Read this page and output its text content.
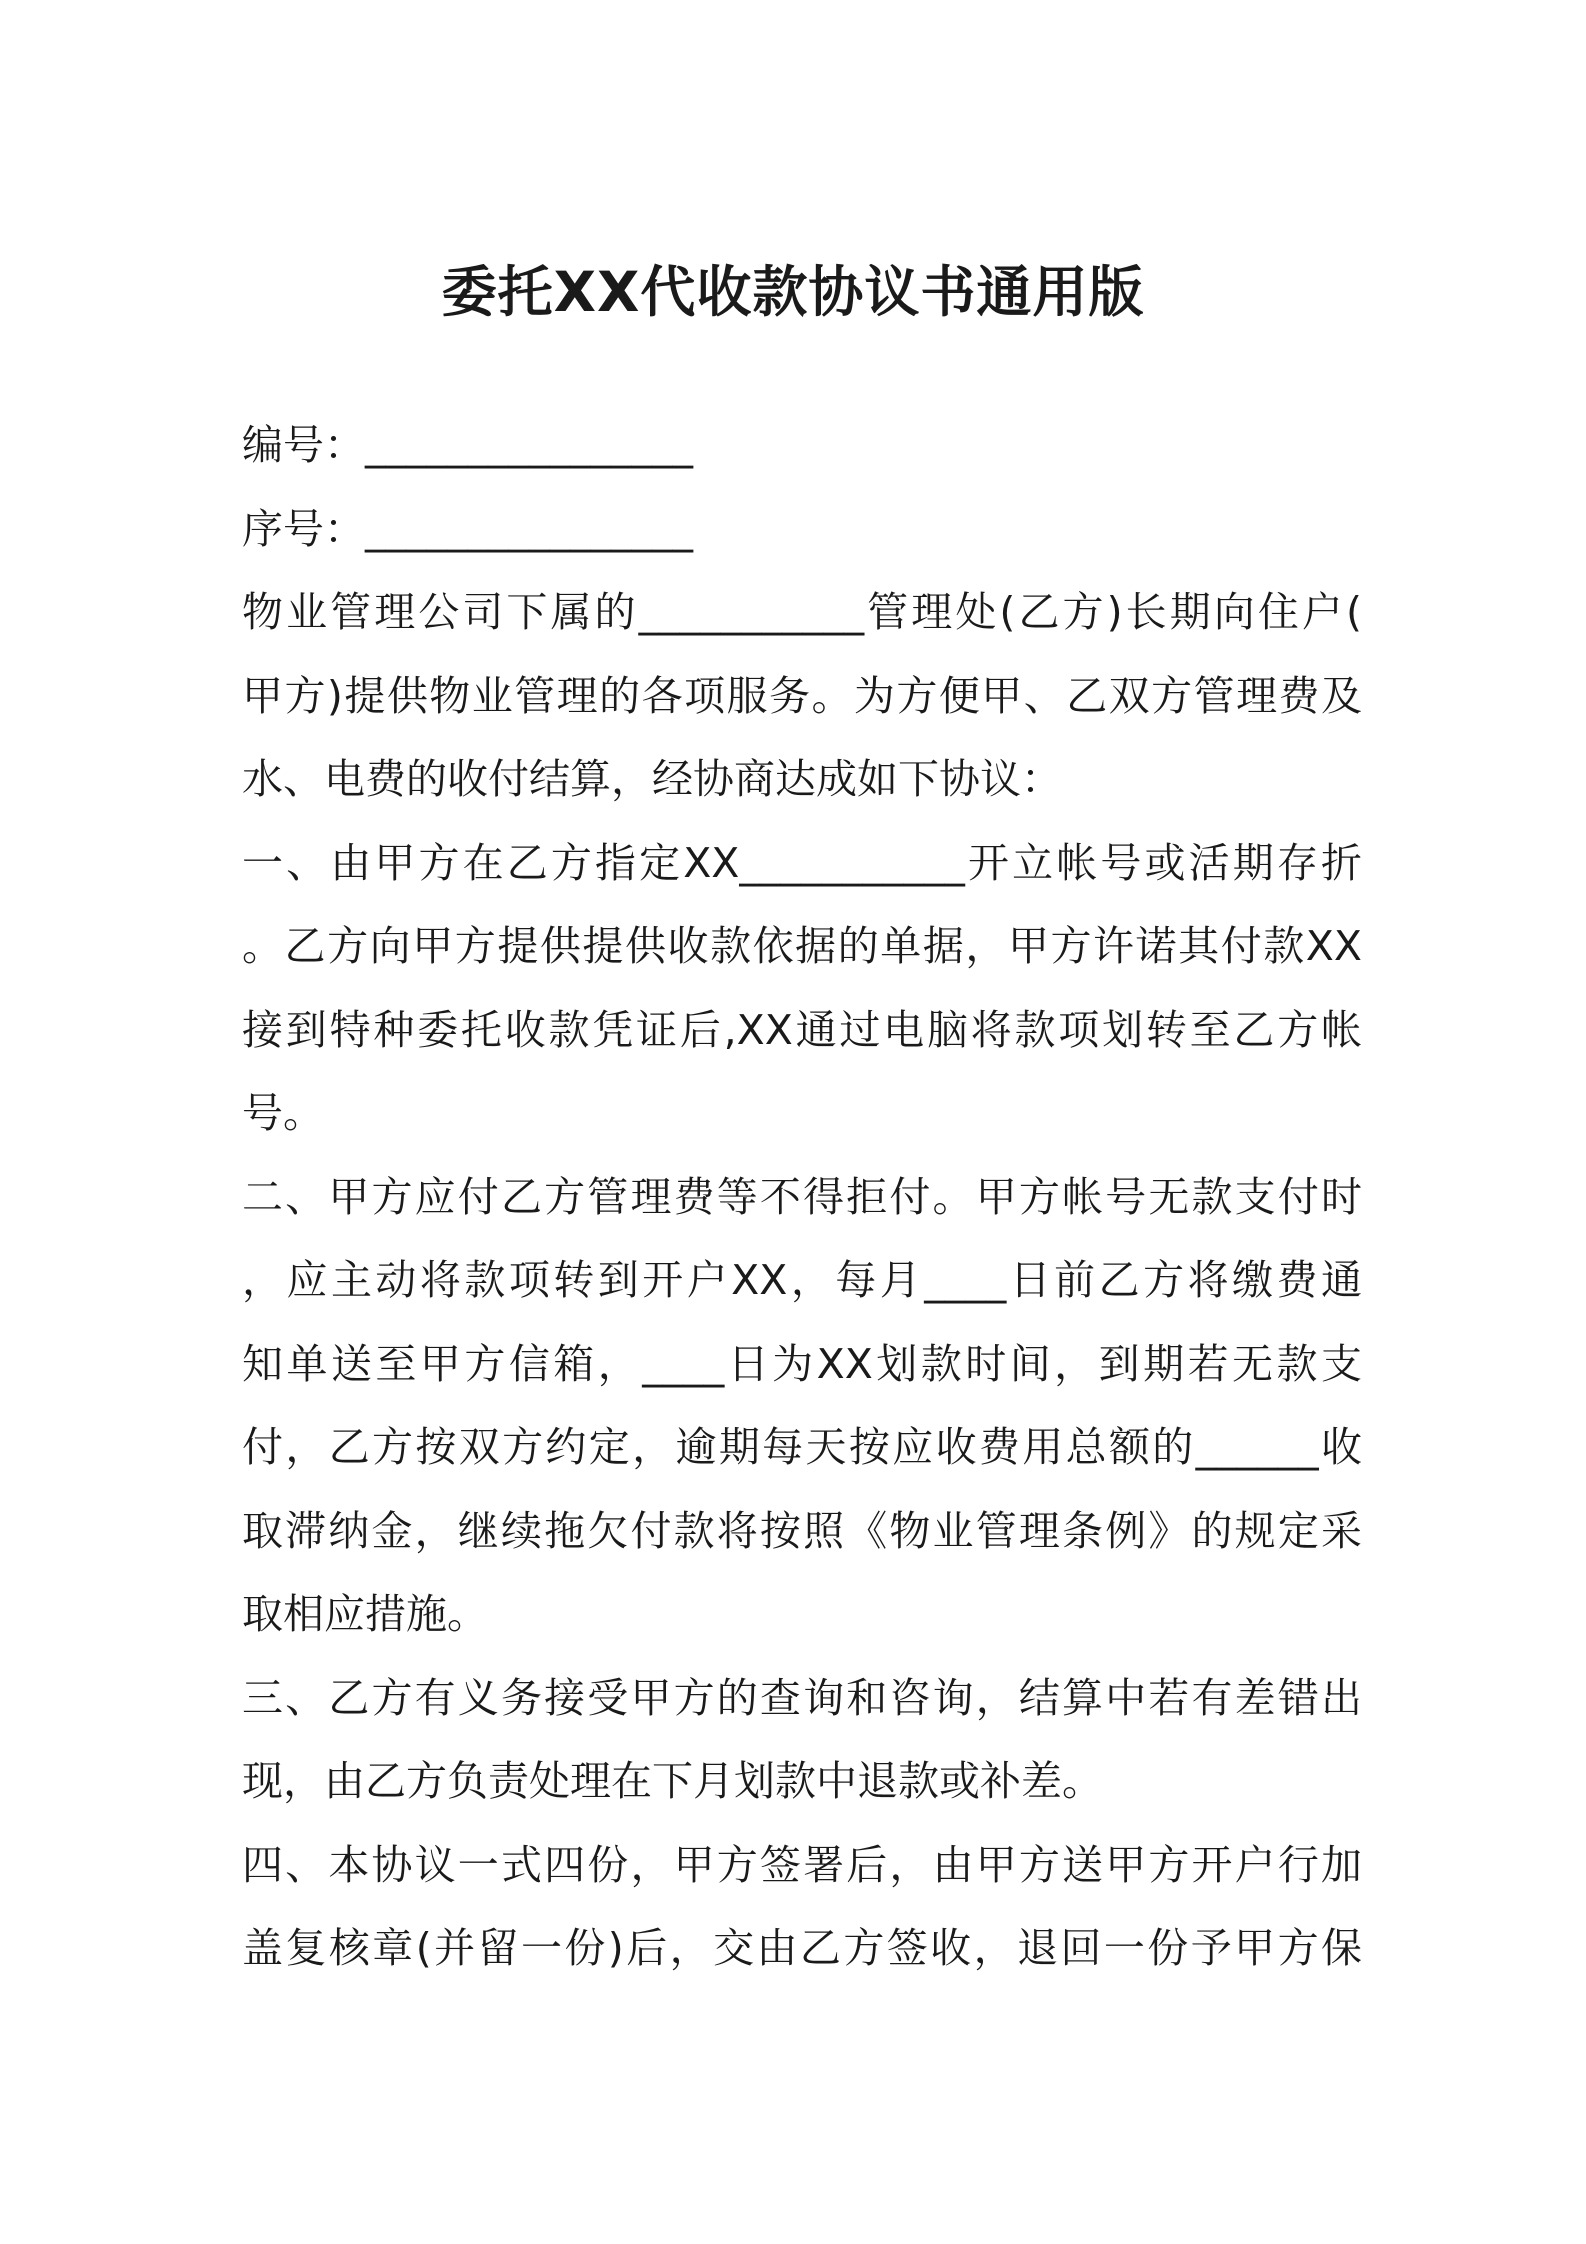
委托XX代收款协议书通用版
编号：________________
序号：________________
物业管理公司下属的___________管理处(乙方)长期向住户(
甲方)提供物业管理的各项服务。为方便甲、乙双方管理费及
水、电费的收付结算，经协商达成如下协议：
一、由甲方在乙方指定XX___________开立帐号或活期存折
。乙方向甲方提供提供收款依据的单据，甲方许诺其付款XX
接到特种委托收款凭证后,XX通过电脑将款项划转至乙方帐
号。
二、甲方应付乙方管理费等不得拒付。甲方帐号无款支付时
，应主动将款项转到开户XX，每月____日前乙方将缴费通
知单送至甲方信箱，____日为XX划款时间，到期若无款支
付，乙方按双方约定，逾期每天按应收费用总额的______收
取滞纳金，继续拖欠付款将按照《物业管理条例》的规定采
取相应措施。
三、乙方有义务接受甲方的查询和咨询，结算中若有差错出
现，由乙方负责处理在下月划款中退款或补差。
四、本协议一式四份，甲方签署后，由甲方送甲方开户行加
盖复核章(并留一份)后，交由乙方签收，退回一份予甲方保
